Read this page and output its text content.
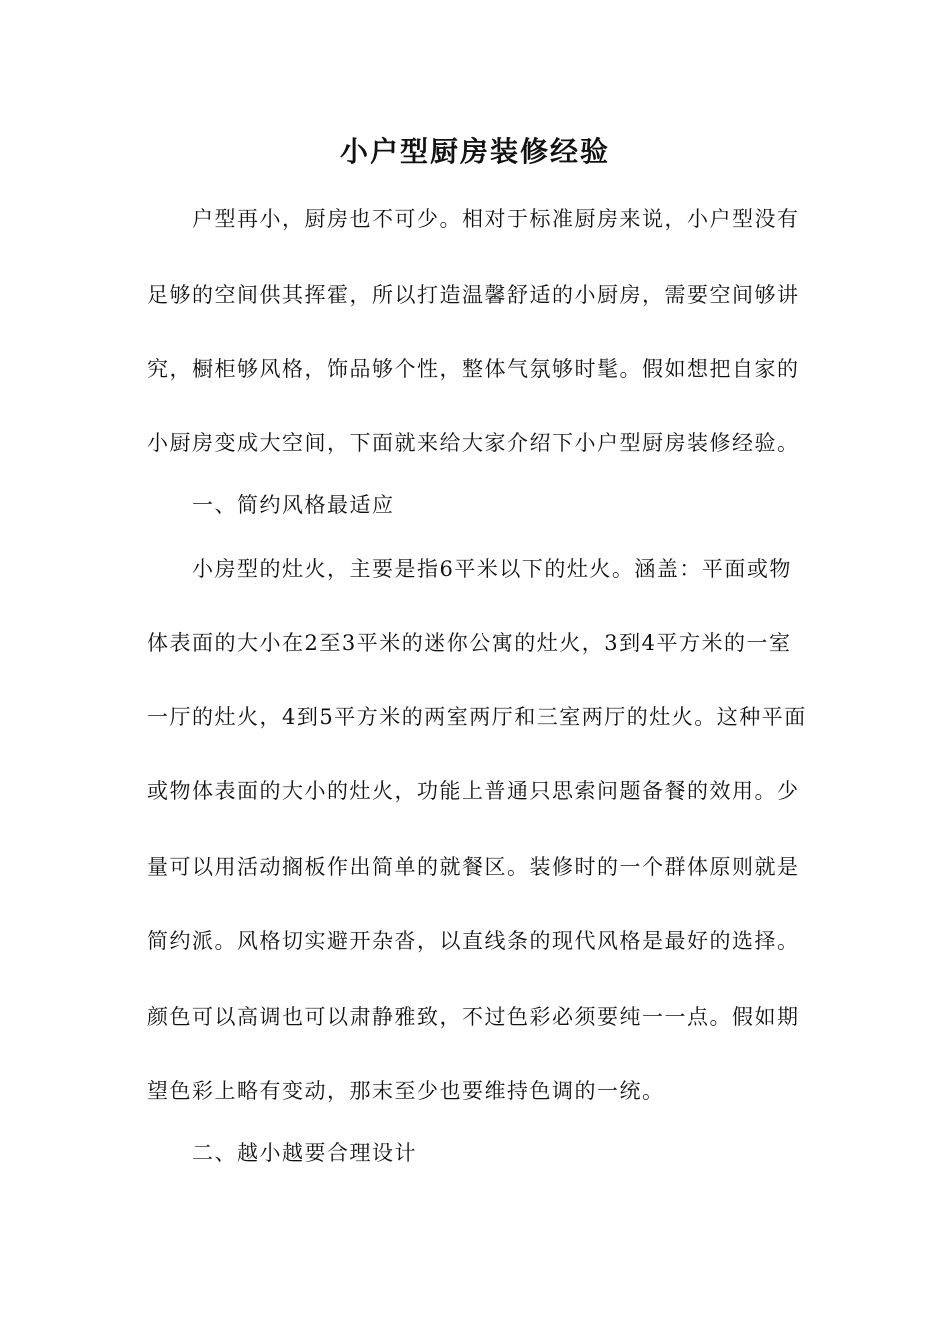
小户型厨房装修经验
户型再小，厨房也不可少。相对于标准厨房来说，小户型没有
足够的空间供其挥霍，所以打造温馨舒适的小厨房，需要空间够讲
究，橱柜够风格，饰品够个性，整体气氛够时髦。假如想把自家的
小厨房变成大空间，下面就来给大家介绍下小户型厨房装修经验。
一、简约风格最适应
小房型的灶火，主要是指6平米以下的灶火。涵盖：平面或物
体表面的大小在2至3平米的迷你公寓的灶火，3到4平方米的一室
一厅的灶火，4到5平方米的两室两厅和三室两厅的灶火。这种平面
或物体表面的大小的灶火，功能上普通只思索问题备餐的效用。少
量可以用活动搁板作出简单的就餐区。装修时的一个群体原则就是
简约派。风格切实避开杂沓，以直线条的现代风格是最好的选择。
颜色可以高调也可以肃静雅致，不过色彩必须要纯一一点。假如期
望色彩上略有变动，那末至少也要维持色调的一统。
二、越小越要合理设计
